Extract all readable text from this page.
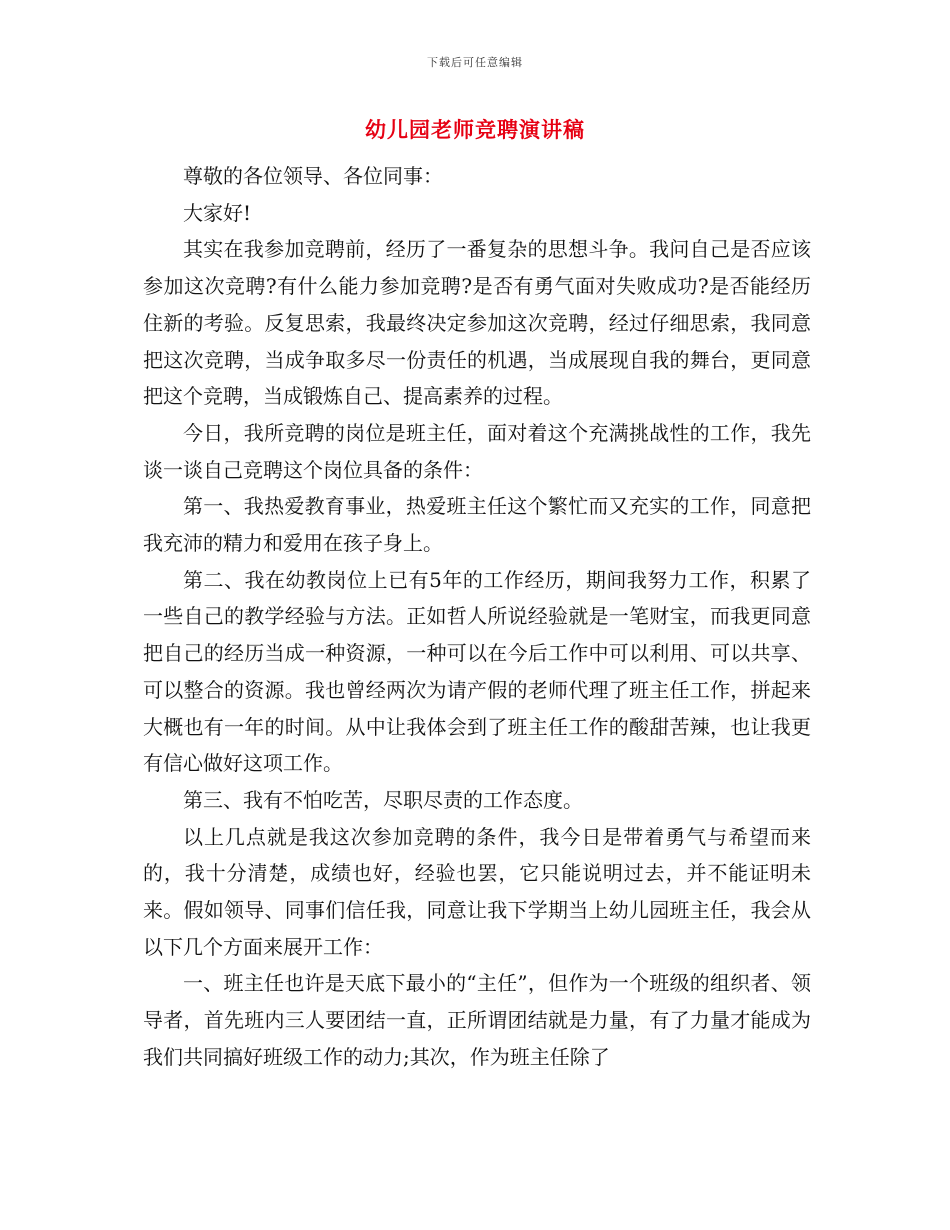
下载后可任意编辑
幼儿园老师竞聘演讲稿

尊敬的各位领导、各位同事：

大家好!

其实在我参加竞聘前，经历了一番复杂的思想斗争。我问自己是否应该参加这次竞聘?有什么能力参加竞聘?是否有勇气面对失败成功?是否能经历住新的考验。反复思索，我最终决定参加这次竞聘，经过仔细思索，我同意把这次竞聘，当成争取多尽一份责任的机遇，当成展现自我的舞台，更同意把这个竞聘，当成锻炼自己、提高素养的过程。

今日，我所竞聘的岗位是班主任，面对着这个充满挑战性的工作，我先谈一谈自己竞聘这个岗位具备的条件：

第一、我热爱教育事业，热爱班主任这个繁忙而又充实的工作，同意把我充沛的精力和爱用在孩子身上。

第二、我在幼教岗位上已有5年的工作经历，期间我努力工作，积累了一些自己的教学经验与方法。正如哲人所说经验就是一笔财宝，而我更同意把自己的经历当成一种资源，一种可以在今后工作中可以利用、可以共享、可以整合的资源。我也曾经两次为请产假的老师代理了班主任工作，拼起来大概也有一年的时间。从中让我体会到了班主任工作的酸甜苦辣，也让我更有信心做好这项工作。

第三、我有不怕吃苦，尽职尽责的工作态度。

以上几点就是我这次参加竞聘的条件，我今日是带着勇气与希望而来的，我十分清楚，成绩也好，经验也罢，它只能说明过去，并不能证明未来。假如领导、同事们信任我，同意让我下学期当上幼儿园班主任，我会从以下几个方面来展开工作：

一、班主任也许是天底下最小的“主任”，但作为一个班级的组织者、领导者，首先班内三人要团结一直，正所谓团结就是力量，有了力量才能成为我们共同搞好班级工作的动力;其次，作为班主任除了
